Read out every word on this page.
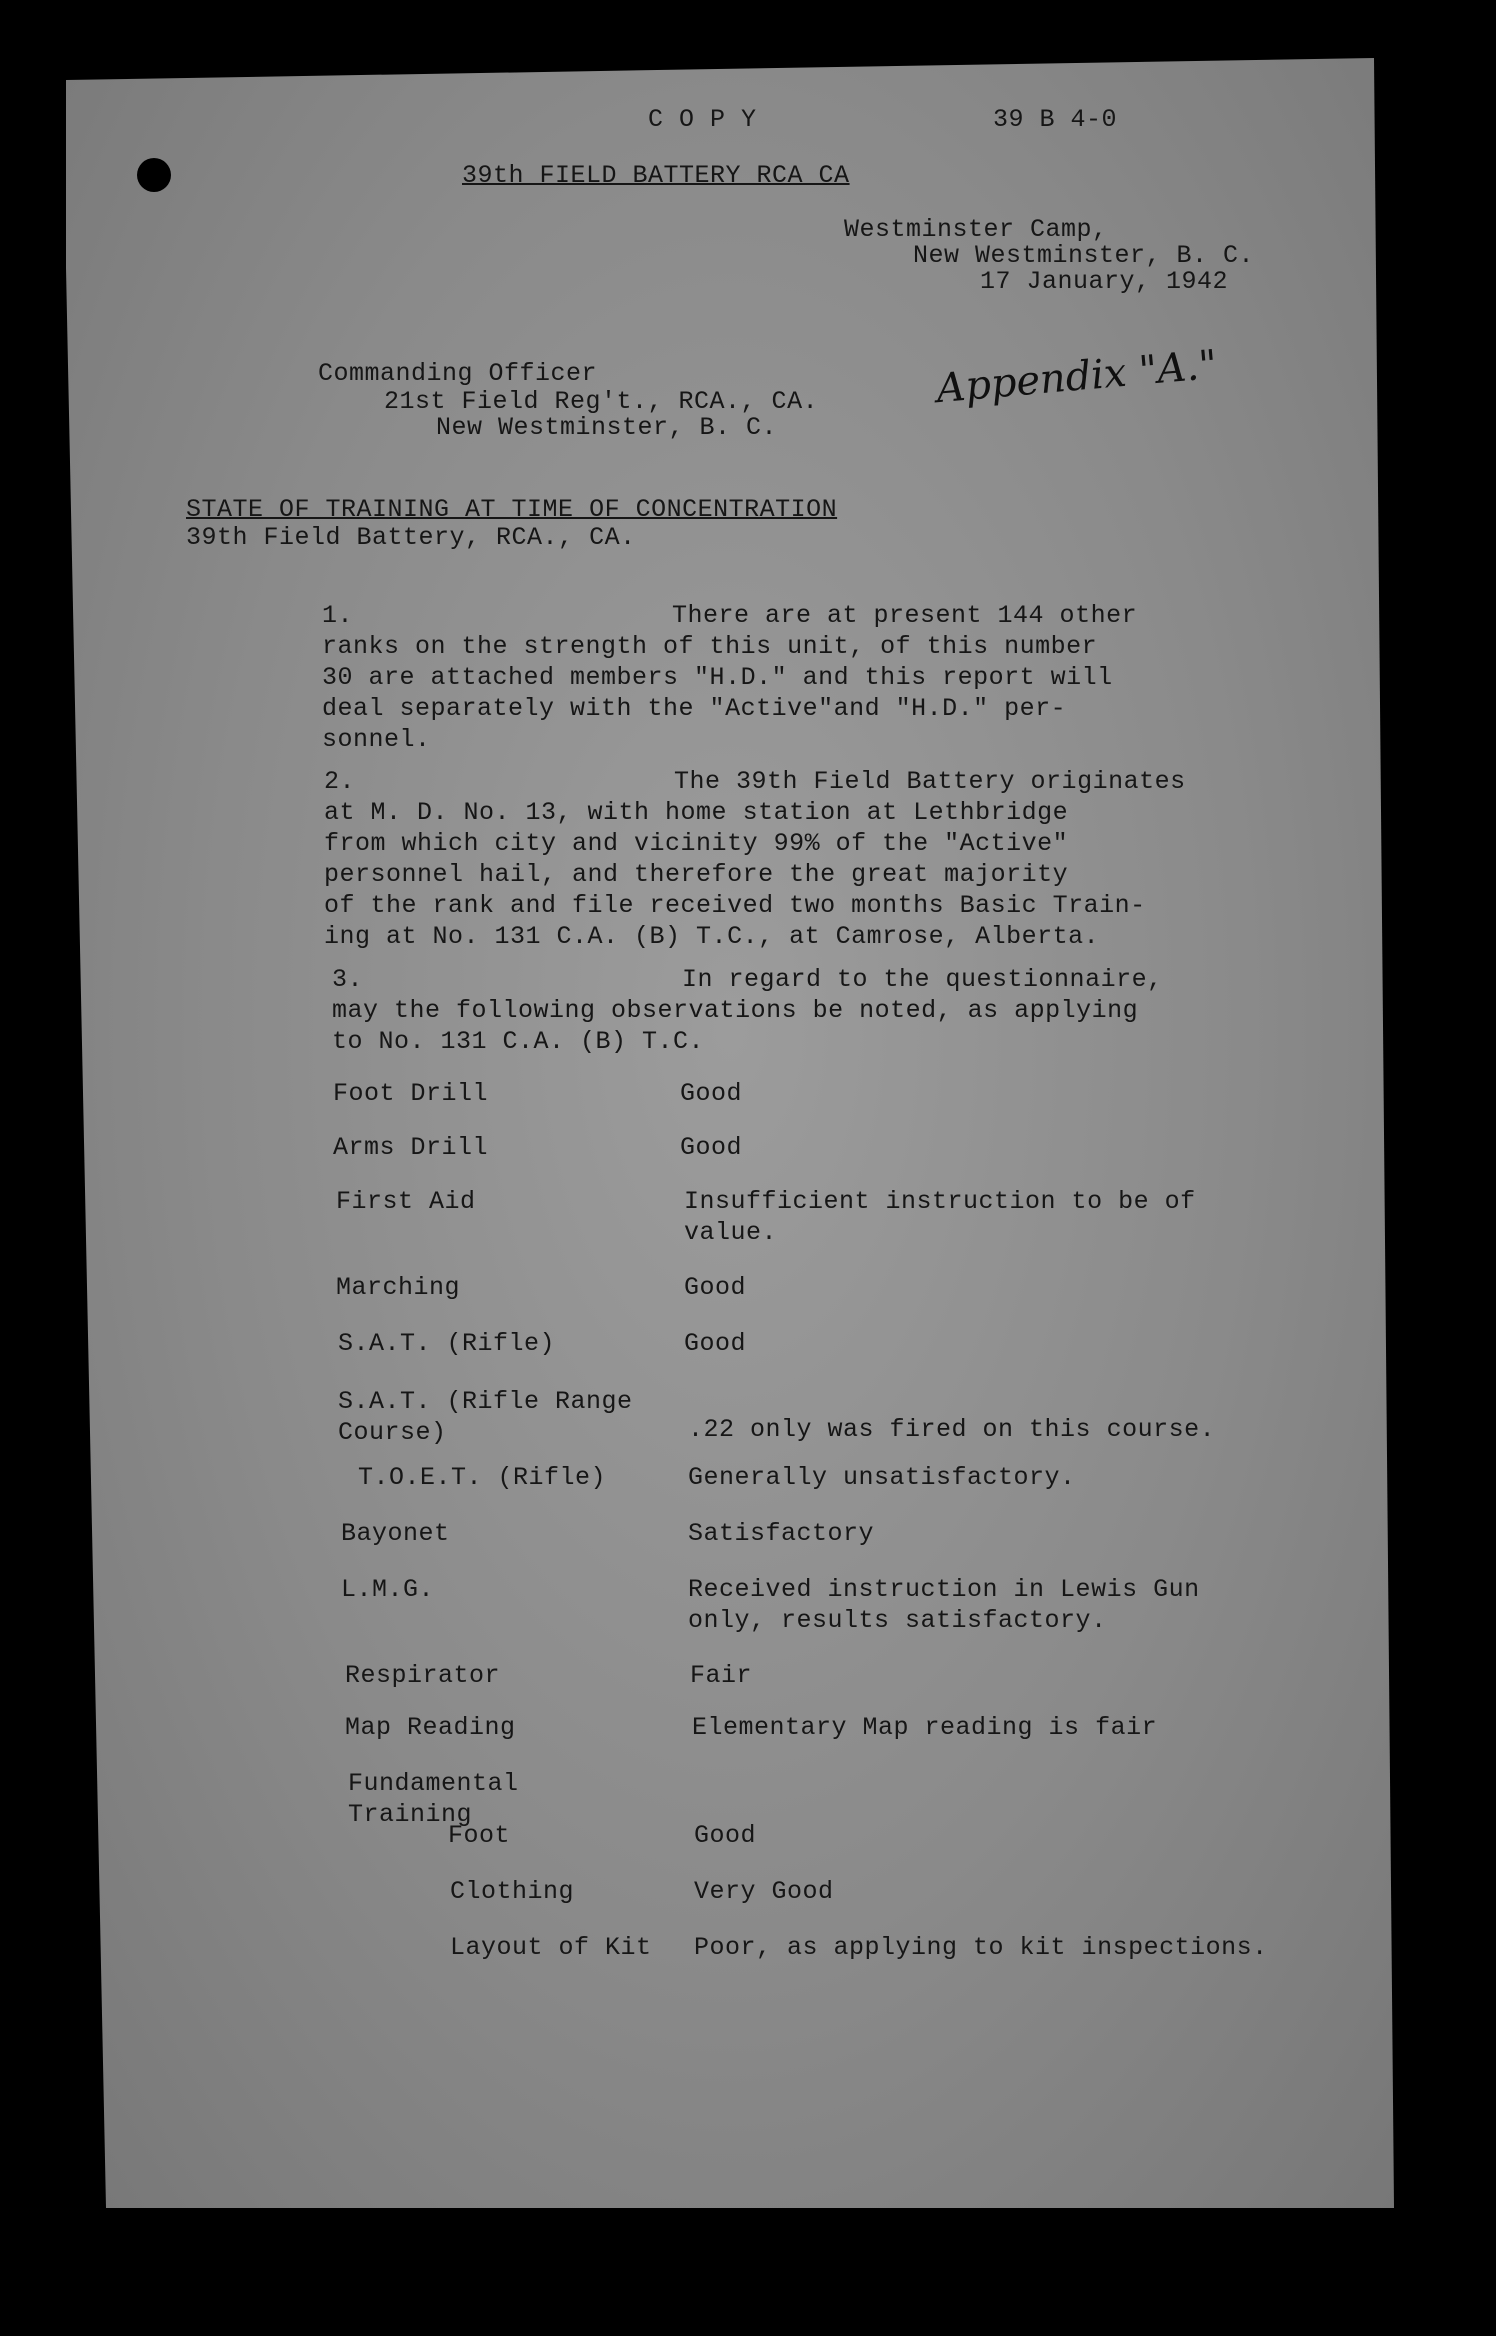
C O P Y	39 B 4-0
39th FIELD BATTERY RCA CA
Westminster Camp,
New Westminster, B. C.
17 January, 1942
Commanding Officer
21st Field Reg't., RCA., CA.
New Westminster, B. C.
Appendix "A."
STATE OF TRAINING AT TIME OF CONCENTRATION
39th Field Battery, RCA., CA.
1.	There are at present 144 other
ranks on the strength of this unit, of this number
30 are attached members "H.D." and this report will
deal separately with the "Active"and "H.D." per-
sonnel.
2.	The 39th Field Battery originates
at M. D. No. 13, with home station at Lethbridge
from which city and vicinity 99% of the "Active"
personnel hail, and therefore the great majority
of the rank and file received two months Basic Train-
ing at No. 131 C.A. (B) T.C., at Camrose, Alberta.
3.	In regard to the questionnaire,
may the following observations be noted, as applying
to No. 131 C.A. (B) T.C.
Foot Drill	Good
Arms Drill	Good
First Aid	Insufficient instruction to be of value.
Marching	Good
S.A.T. (Rifle)	Good
S.A.T. (Rifle Range Course)	.22 only was fired on this course.
T.O.E.T. (Rifle)	Generally unsatisfactory.
Bayonet	Satisfactory
L.M.G.	Received instruction in Lewis Gun only, results satisfactory.
Respirator	Fair
Map Reading	Elementary Map reading is fair
Fundamental Training
Foot	Good
Clothing	Very Good
Layout of Kit	Poor, as applying to kit inspections.
